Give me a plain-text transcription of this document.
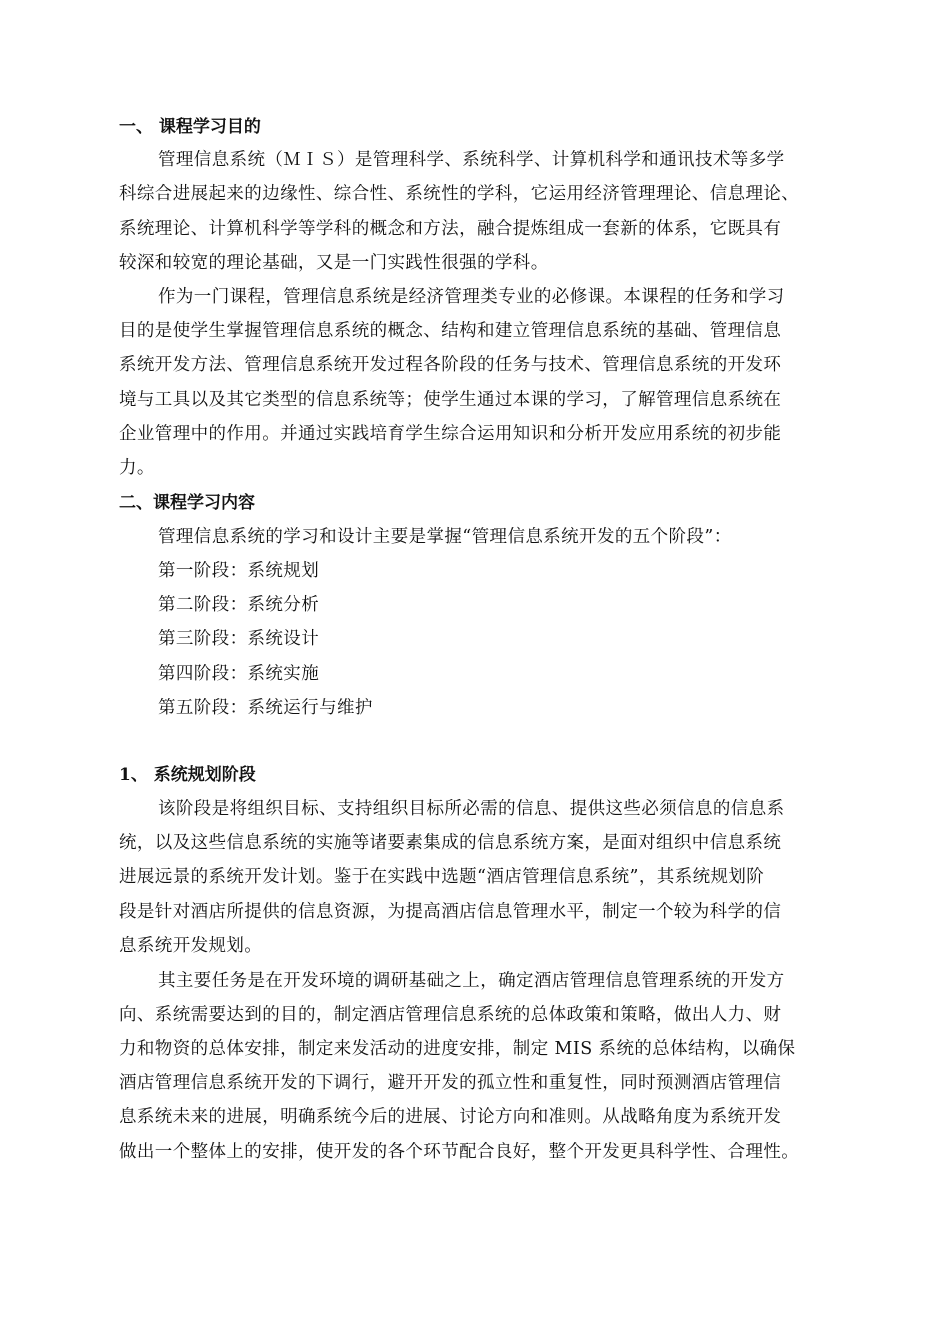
一、 课程学习目的
管理信息系统（ＭＩＳ）是管理科学、系统科学、计算机科学和通讯技术等多学
科综合进展起来的边缘性、综合性、系统性的学科，它运用经济管理理论、信息理论、
系统理论、计算机科学等学科的概念和方法，融合提炼组成一套新的体系，它既具有
较深和较宽的理论基础，又是一门实践性很强的学科。
作为一门课程，管理信息系统是经济管理类专业的必修课。本课程的任务和学习
目的是使学生掌握管理信息系统的概念、结构和建立管理信息系统的基础、管理信息
系统开发方法、管理信息系统开发过程各阶段的任务与技术、管理信息系统的开发环
境与工具以及其它类型的信息系统等；使学生通过本课的学习，了解管理信息系统在
企业管理中的作用。并通过实践培育学生综合运用知识和分析开发应用系统的初步能
力。
二、课程学习内容
管理信息系统的学习和设计主要是掌握“管理信息系统开发的五个阶段”：
第一阶段：系统规划
第二阶段：系统分析
第三阶段：系统设计
第四阶段：系统实施
第五阶段：系统运行与维护
1、 系统规划阶段
该阶段是将组织目标、支持组织目标所必需的信息、提供这些必须信息的信息系
统，以及这些信息系统的实施等诸要素集成的信息系统方案，是面对组织中信息系统
进展远景的系统开发计划。鉴于在实践中选题“酒店管理信息系统”，其系统规划阶
段是针对酒店所提供的信息资源，为提高酒店信息管理水平，制定一个较为科学的信
息系统开发规划。
其主要任务是在开发环境的调研基础之上，确定酒店管理信息管理系统的开发方
向、系统需要达到的目的，制定酒店管理信息系统的总体政策和策略，做出人力、财
力和物资的总体安排，制定来发活动的进度安排，制定 MIS 系统的总体结构，以确保
酒店管理信息系统开发的下调行，避开开发的孤立性和重复性，同时预测酒店管理信
息系统未来的进展，明确系统今后的进展、讨论方向和准则。从战略角度为系统开发
做出一个整体上的安排，使开发的各个环节配合良好，整个开发更具科学性、合理性。
